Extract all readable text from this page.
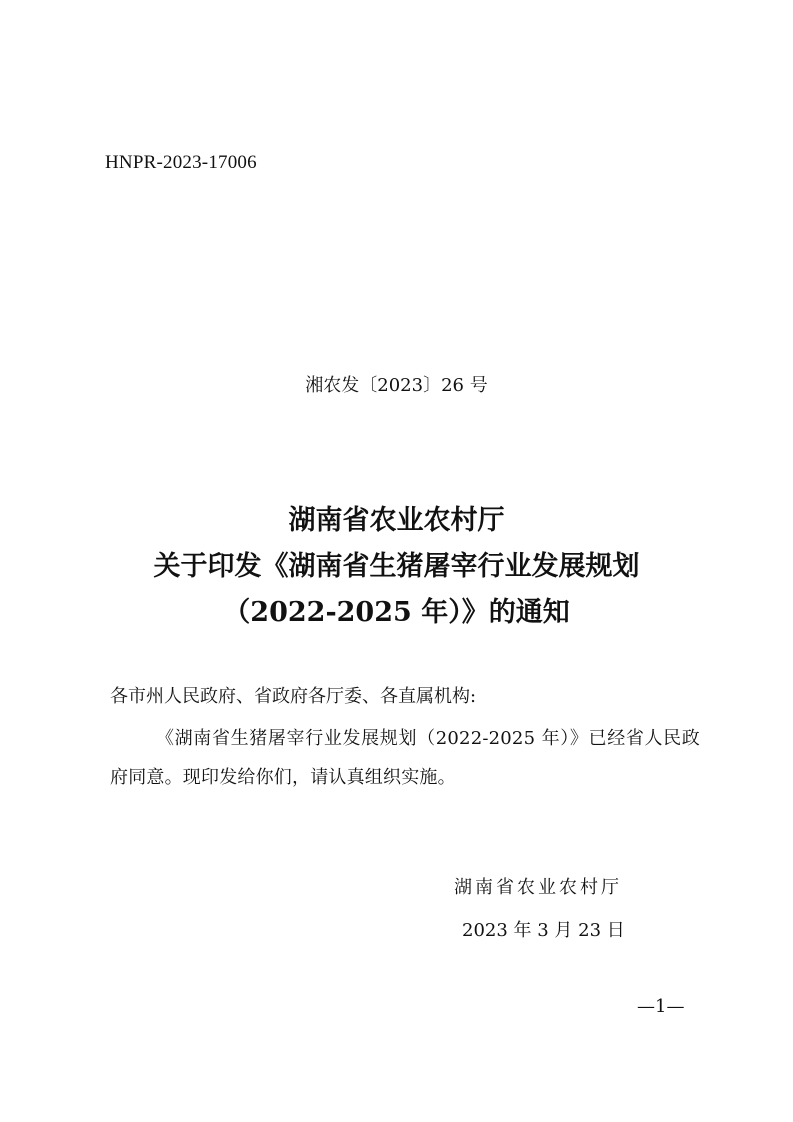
HNPR-2023-17006
湘农发〔2023〕26 号
湖南省农业农村厅
关于印发《湖南省生猪屠宰行业发展规划
（2022-2025 年）》的通知
各市州人民政府、省政府各厅委、各直属机构:
《湖南省生猪屠宰行业发展规划（2022-2025 年）》已经省人民政府同意。现印发给你们，请认真组织实施。
湖南省农业农村厅
2023 年 3 月 23 日
—1—
